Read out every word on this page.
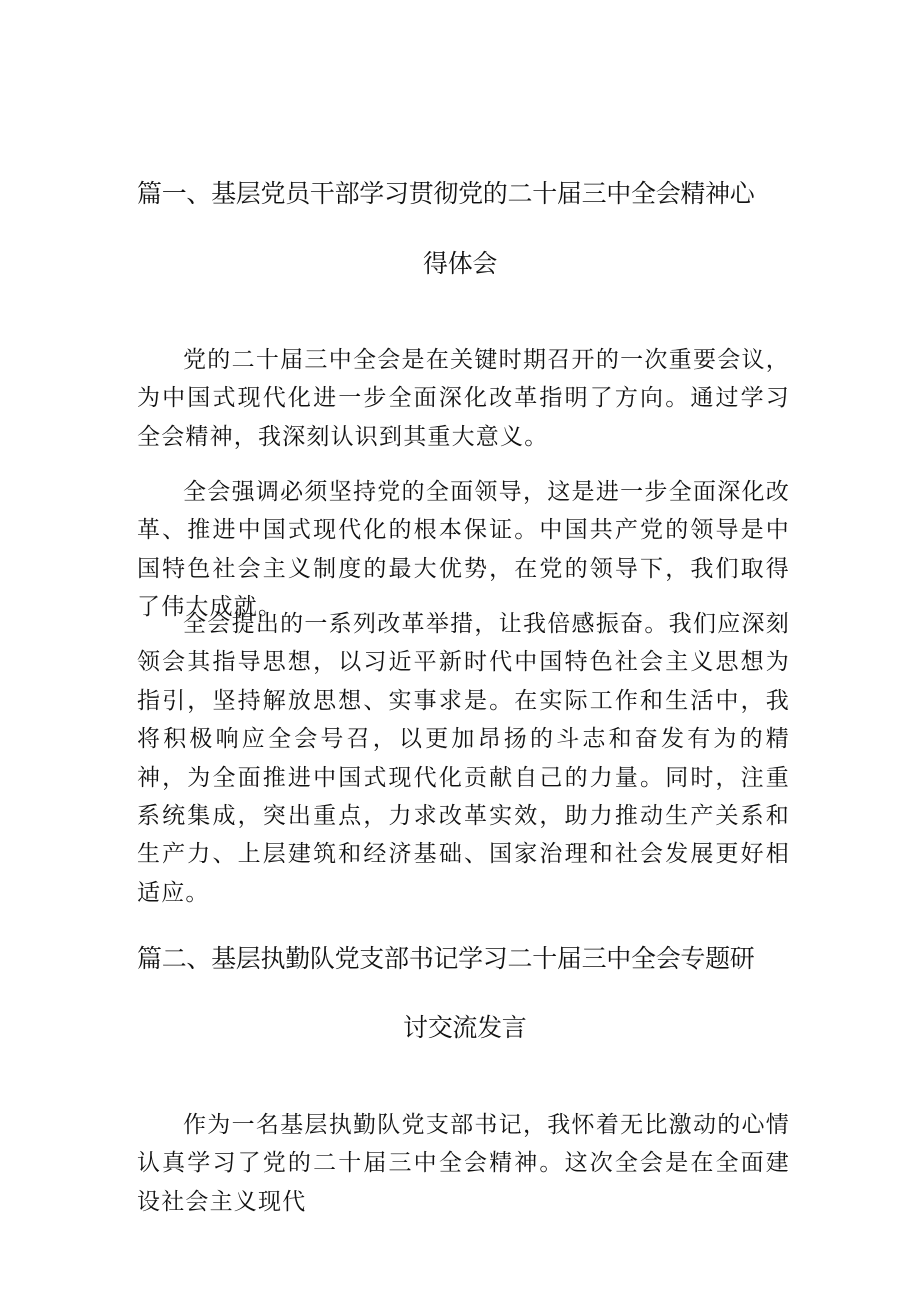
篇一、基层党员干部学习贯彻党的二十届三中全会精神心
得体会

党的二十届三中全会是在关键时期召开的一次重要会议，为中国式现代化进一步全面深化改革指明了方向。通过学习全会精神，我深刻认识到其重大意义。

全会强调必须坚持党的全面领导，这是进一步全面深化改革、推进中国式现代化的根本保证。中国共产党的领导是中国特色社会主义制度的最大优势，在党的领导下，我们取得了伟大成就。

全会提出的一系列改革举措，让我倍感振奋。我们应深刻领会其指导思想，以习近平新时代中国特色社会主义思想为指引，坚持解放思想、实事求是。在实际工作和生活中，我将积极响应全会号召，以更加昂扬的斗志和奋发有为的精神，为全面推进中国式现代化贡献自己的力量。同时，注重系统集成，突出重点，力求改革实效，助力推动生产关系和生产力、上层建筑和经济基础、国家治理和社会发展更好相适应。

篇二、基层执勤队党支部书记学习二十届三中全会专题研
讨交流发言

作为一名基层执勤队党支部书记，我怀着无比激动的心情认真学习了党的二十届三中全会精神。这次全会是在全面建设社会主义现代
